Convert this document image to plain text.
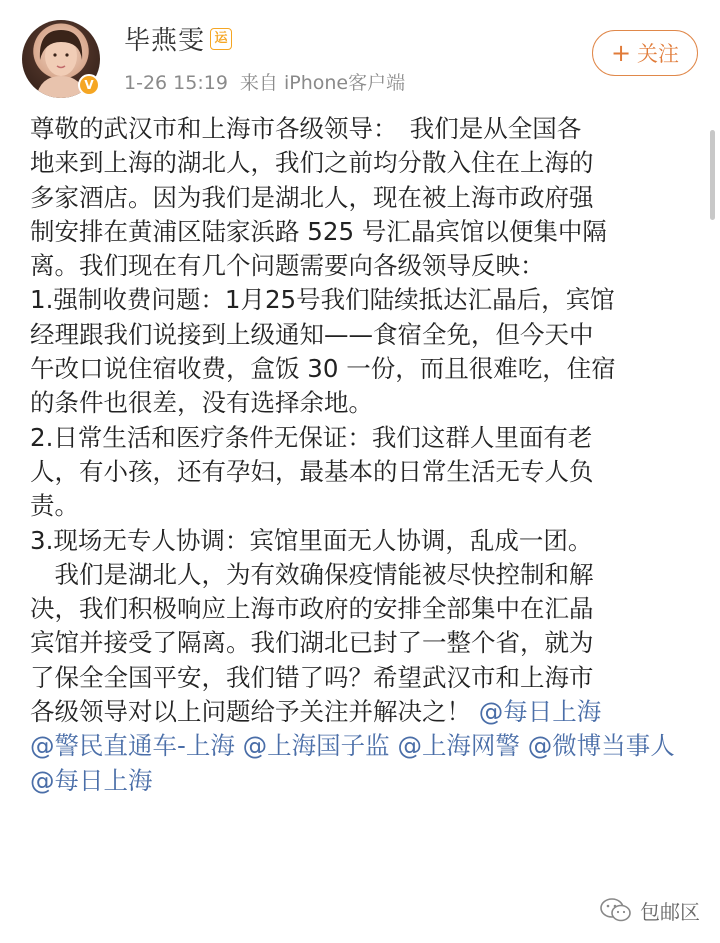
V
毕燕雯 运
1-26 15:19 来自 iPhone客户端
+ 关注

尊敬的武汉市和上海市各级领导：　我们是从全国各

地来到上海的湖北人，我们之前均分散入住在上海的

多家酒店。因为我们是湖北人，现在被上海市政府强

制安排在黄浦区陆家浜路 525 号汇晶宾馆以便集中隔

离。我们现在有几个问题需要向各级领导反映：

1.强制收费问题：1月25号我们陆续抵达汇晶后，宾馆

经理跟我们说接到上级通知——食宿全免，但今天中

午改口说住宿收费，盒饭 30 一份，而且很难吃，住宿

的条件也很差，没有选择余地。

2.日常生活和医疗条件无保证：我们这群人里面有老

人，有小孩，还有孕妇，最基本的日常生活无专人负

责。

3.现场无专人协调：宾馆里面无人协调，乱成一团。

　我们是湖北人，为有效确保疫情能被尽快控制和解

决，我们积极响应上海市政府的安排全部集中在汇晶

宾馆并接受了隔离。我们湖北已封了一整个省，就为

了保全全国平安，我们错了吗？希望武汉市和上海市

各级领导对以上问题给予关注并解决之！ @每日上海

@警民直通车-上海 @上海国子监 @上海网警 @微博当事人 @每日上海

包邮区
